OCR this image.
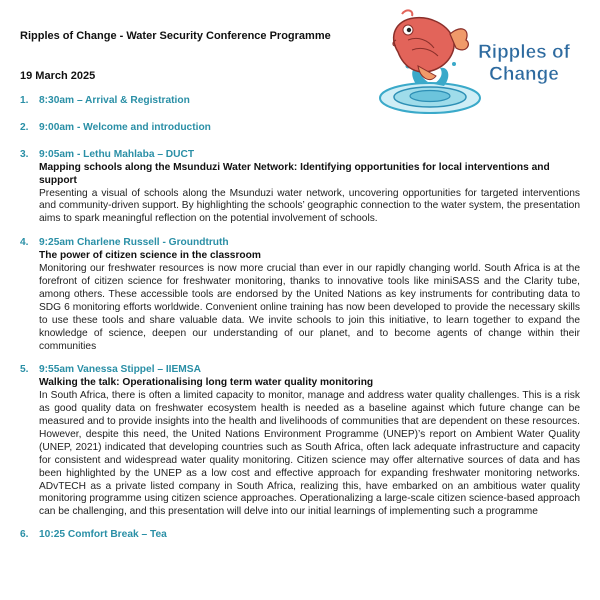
Ripples of Change - Water Security Conference Programme
19 March 2025
Ripples of
Change
1. 8:30am – Arrival & Registration
2. 9:00am - Welcome and introduction
3. 9:05am - Lethu Mahlaba – DUCT
Mapping schools along the Msunduzi Water Network: Identifying opportunities for local interventions and support
Presenting a visual of schools along the Msunduzi water network, uncovering opportunities for targeted interventions and community-driven support. By highlighting the schools’ geographic connection to the water system, the presentation aims to spark meaningful reflection on the potential involvement of schools.
4. 9:25am Charlene Russell - Groundtruth
The power of citizen science in the classroom
Monitoring our freshwater resources is now more crucial than ever in our rapidly changing world. South Africa is at the forefront of citizen science for freshwater monitoring, thanks to innovative tools like miniSASS and the Clarity tube, among others. These accessible tools are endorsed by the United Nations as key instruments for contributing data to SDG 6 monitoring efforts worldwide. Convenient online training has now been developed to provide the necessary skills to use these tools and share valuable data. We invite schools to join this initiative, to learn together to expand the knowledge of science, deepen our understanding of our planet, and to become agents of change within their communities
5. 9:55am Vanessa Stippel – IIEMSA
Walking the talk: Operationalising long term water quality monitoring
In South Africa, there is often a limited capacity to monitor, manage and address water quality challenges. This is a risk as good quality data on freshwater ecosystem health is needed as a baseline against which future change can be measured and to provide insights into the health and livelihoods of communities that are dependent on these resources. However, despite this need, the United Nations Environment Programme (UNEP)’s report on Ambient Water Quality (UNEP, 2021) indicated that developing countries such as South Africa, often lack adequate infrastructure and capacity for consistent and widespread water quality monitoring. Citizen science may offer alternative sources of data and has been highlighted by the UNEP as a low cost and effective approach for expanding freshwater monitoring networks. ADvTECH as a private listed company in South Africa, realizing this, have embarked on an ambitious water quality monitoring programme using citizen science approaches. Operationalizing a large-scale citizen science-based approach can be challenging, and this presentation will delve into our initial learnings of implementing such a programme
6. 10:25 Comfort Break – Tea
